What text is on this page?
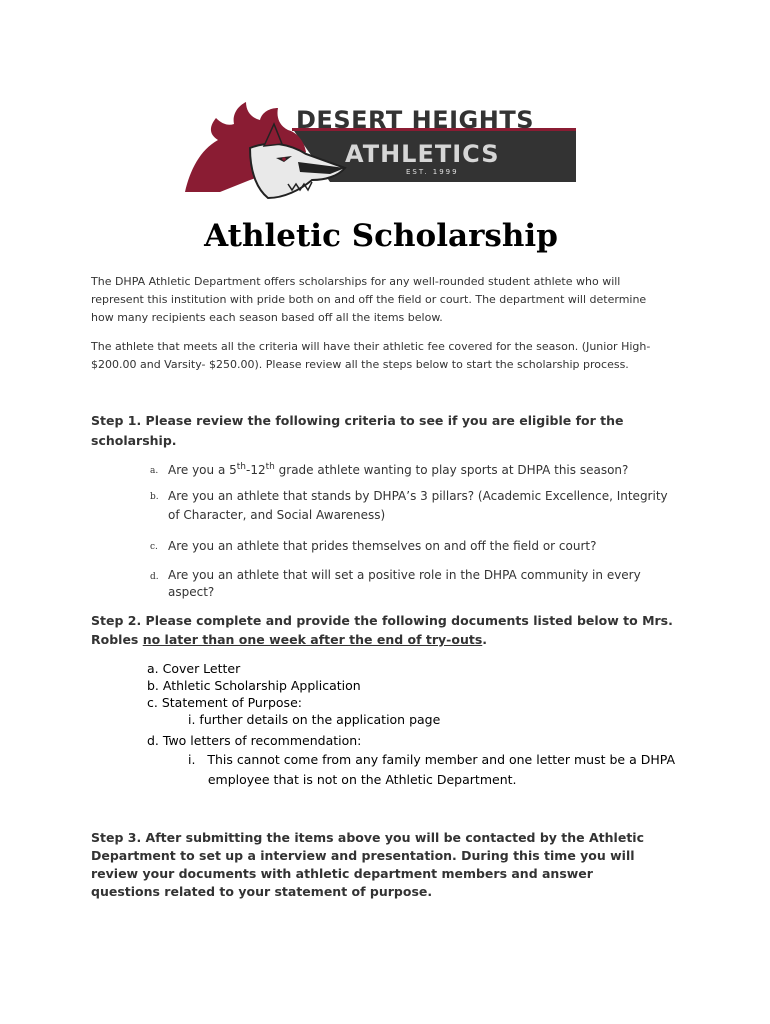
DESERT HEIGHTS
ATHLETICS
EST. 1999
Athletic Scholarship
The DHPA Athletic Department offers scholarships for any well-rounded student athlete who will
represent this institution with pride both on and off the field or court. The department will determine
how many recipients each season based off all the items below.
The athlete that meets all the criteria will have their athletic fee covered for the season. (Junior High-
$200.00 and Varsity- $250.00). Please review all the steps below to start the scholarship process.
Step 1. Please review the following criteria to see if you are eligible for the
scholarship.
a. Are you a 5th-12th grade athlete wanting to play sports at DHPA this season?
b. Are you an athlete that stands by DHPA’s 3 pillars? (Academic Excellence, Integrity
of Character, and Social Awareness)
c. Are you an athlete that prides themselves on and off the field or court?
d. Are you an athlete that will set a positive role in the DHPA community in every
aspect?
Step 2. Please complete and provide the following documents listed below to Mrs.
Robles no later than one week after the end of try-outs.
a. Cover Letter
b. Athletic Scholarship Application
c. Statement of Purpose:
i. further details on the application page
d. Two letters of recommendation:
i.   This cannot come from any family member and one letter must be a DHPA
employee that is not on the Athletic Department.
Step 3. After submitting the items above you will be contacted by the Athletic
Department to set up a interview and presentation. During this time you will
review your documents with athletic department members and answer
questions related to your statement of purpose.
